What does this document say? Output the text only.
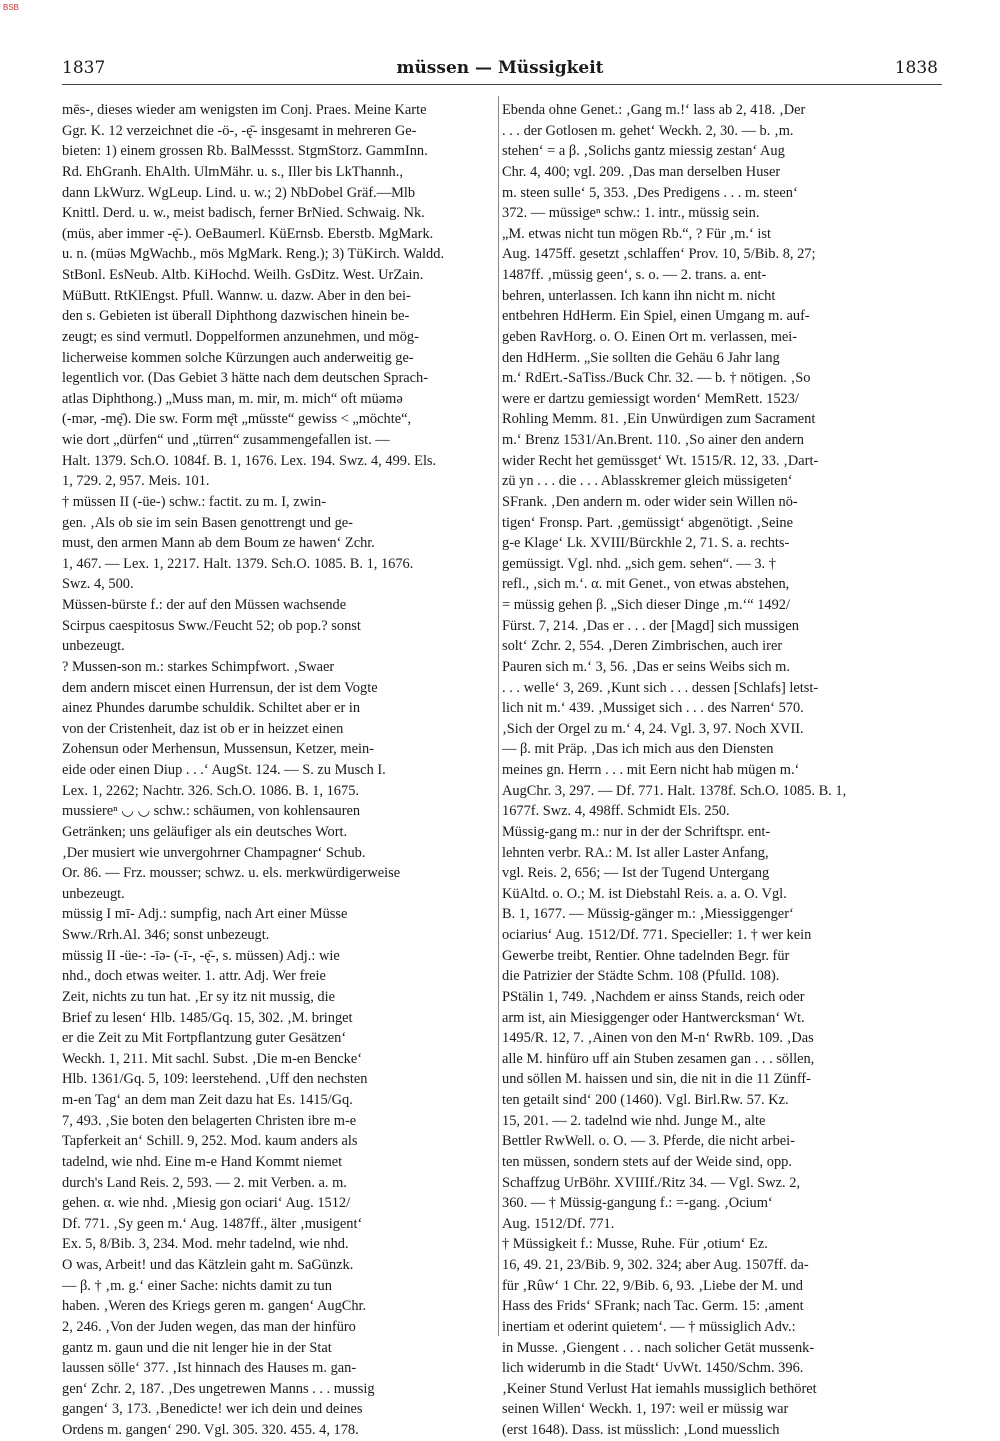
BSB
1837	müssen — Müssigkeit	1838
mēs-, dieses wieder am wenigsten im Conj. Praes. Meine Karte
Ggr. K. 12 verzeichnet die -ö-, -ę̄- insgesamt in mehreren Ge-
bieten: 1) einem grossen Rb. BalMessst. StgmStorz. GammInn.
Rd. EhGranh. EhAlth. UlmMähr. u. s., Iller bis LkThannh.,
dann LkWurz. WgLeup. Lind. u. w.; 2) NbDobel Gräf.—Mlb
Knittl. Derd. u. w., meist badisch, ferner BrNied. Schwaig. Nk.
(müs, aber immer -ę̄-). OeBaumerl. KüErnsb. Eberstb. MgMark.
u. n. (müəs MgWachb., mös MgMark. Reng.); 3) TüKirch. Waldd.
StBonl. EsNeub. Altb. KiHochd. Weilh. GsDitz. West. UrZain.
MüButt. RtKlEngst. Pfull. Wannw. u. dazw. Aber in den bei-
den s. Gebieten ist überall Diphthong dazwischen hinein be-
zeugt; es sind vermutl. Doppelformen anzunehmen, und mög-
licherweise kommen solche Kürzungen auch anderweitig ge-
legentlich vor. (Das Gebiet 3 hätte nach dem deutschen Sprach-
atlas Diphthong.) „Muss man, m. mir, m. mich“ oft müəmə
(-mər, -mę̄). Die sw. Form mę̄t „müsste“ gewiss < „möchte“,
wie dort „dürfen“ und „türren“ zusammengefallen ist. —
Halt. 1379. Sch.O. 1084f. B. 1, 1676. Lex. 194. Swz. 4, 499. Els.
1, 729. 2, 957. Meis. 101.
† müssen II (-üe-) schw.: factit. zu m. I, zwin-
gen. ‚Als ob sie im sein Basen genottrengt und ge-
must, den armen Mann ab dem Boum ze hawen‘ Zchr.
1, 467. — Lex. 1, 2217. Halt. 1379. Sch.O. 1085. B. 1, 1676.
Swz. 4, 500.
Müssen-bürste f.: der auf den Müssen wachsende
Scirpus caespitosus Sww./Feucht 52; ob pop.? sonst
unbezeugt.
? Mussen-son m.: starkes Schimpfwort. ‚Swaer
dem andern miscet einen Hurrensun, der ist dem Vogte
ainez Phundes darumbe schuldik. Schiltet aber er in
von der Cristenheit, daz ist ob er in heizzet einen
Zohensun oder Merhensun, Mussensun, Ketzer, mein-
eide oder einen Diup . . .‘ AugSt. 124. — S. zu Musch I.
Lex. 1, 2262; Nachtr. 326. Sch.O. 1086. B. 1, 1675.
mussiereⁿ ◡ ◡ schw.: schäumen, von kohlensauren
Getränken; uns geläufiger als ein deutsches Wort.
‚Der musiert wie unvergohrner Champagner‘ Schub.
Or. 86. — Frz. mousser; schwz. u. els. merkwürdigerweise
unbezeugt.
müssig I mī- Adj.: sumpfig, nach Art einer Müsse
Sww./Rrh.Al. 346; sonst unbezeugt.
müssig II -üe-: -īə- (-ī-, -ę̄-, s. müssen) Adj.: wie
nhd., doch etwas weiter. 1. attr. Adj. Wer freie
Zeit, nichts zu tun hat. ‚Er sy itz nit mussig, die
Brief zu lesen‘ Hlb. 1485/Gq. 15, 302. ‚M. bringet
er die Zeit zu Mit Fortpflantzung guter Gesätzen‘
Weckh. 1, 211. Mit sachl. Subst. ‚Die m-en Bencke‘
Hlb. 1361/Gq. 5, 109: leerstehend. ‚Uff den nechsten
m-en Tag‘ an dem man Zeit dazu hat Es. 1415/Gq.
7, 493. ‚Sie boten den belagerten Christen ibre m-e
Tapferkeit an‘ Schill. 9, 252. Mod. kaum anders als
tadelnd, wie nhd. Eine m-e Hand Kommt niemet
durch's Land Reis. 2, 593. — 2. mit Verben. a. m.
gehen. α. wie nhd. ‚Miesig gon ociari‘ Aug. 1512/
Df. 771. ‚Sy geen m.‘ Aug. 1487ff., älter ‚musigent‘
Ex. 5, 8/Bib. 3, 234. Mod. mehr tadelnd, wie nhd.
O was, Arbeit! und das Kätzlein gaht m. SaGünzk.
— β. † ‚m. g.‘ einer Sache: nichts damit zu tun
haben. ‚Weren des Kriegs geren m. gangen‘ AugChr.
2, 246. ‚Von der Juden wegen, das man der hinfüro
gantz m. gaun und die nit lenger hie in der Stat
laussen sölle‘ 377. ‚Ist hinnach des Hauses m. gan-
gen‘ Zchr. 2, 187. ‚Des ungetrewen Manns . . . mussig
gangen‘ 3, 173. ‚Benedicte! wer ich dein und deines
Ordens m. gangen‘ 290. Vgl. 305. 320. 455. 4, 178.
Ebenda ohne Genet.: ‚Gang m.!‘ lass ab 2, 418. ‚Der
. . . der Gotlosen m. gehet‘ Weckh. 2, 30. — b. ‚m.
stehen‘ = a β. ‚Solichs gantz miessig zestan‘ Aug
Chr. 4, 400; vgl. 209. ‚Das man derselben Huser
m. steen sulle‘ 5, 353. ‚Des Predigens . . . m. steen‘
372. — müssigeⁿ schw.: 1. intr., müssig sein.
„M. etwas nicht tun mögen Rb.“, ? Für ‚m.‘ ist
Aug. 1475ff. gesetzt ‚schlaffen‘ Prov. 10, 5/Bib. 8, 27;
1487ff. ‚müssig geen‘, s. o. — 2. trans. a. ent-
behren, unterlassen. Ich kann ihn nicht m. nicht
entbehren HdHerm. Ein Spiel, einen Umgang m. auf-
geben RavHorg. o. O. Einen Ort m. verlassen, mei-
den HdHerm. „Sie sollten die Gehäu 6 Jahr lang
m.‘ RdErt.-SaTiss./Buck Chr. 32. — b. † nötigen. ‚So
were er dartzu gemiessigt worden‘ MemRett. 1523/
Rohling Memm. 81. ‚Ein Unwürdigen zum Sacrament
m.‘ Brenz 1531/An.Brent. 110. ‚So ainer den andern
wider Recht het gemüssget‘ Wt. 1515/R. 12, 33. ‚Dart-
zü yn . . . die . . . Ablasskremer gleich müssigeten‘
SFrank. ‚Den andern m. oder wider sein Willen nö-
tigen‘ Fronsp. Part. ‚gemüssigt‘ abgenötigt. ‚Seine
g-e Klage‘ Lk. XVIII/Bürckhle 2, 71. S. a. rechts-
gemüssigt. Vgl. nhd. „sich gem. sehen“. — 3. †
refl., ‚sich m.‘. α. mit Genet., von etwas abstehen,
= müssig gehen β. „Sich dieser Dinge ‚m.‘“ 1492/
Fürst. 7, 214. ‚Das er . . . der [Magd] sich mussigen
solt‘ Zchr. 2, 554. ‚Deren Zimbrischen, auch irer
Pauren sich m.‘ 3, 56. ‚Das er seins Weibs sich m.
. . . welle‘ 3, 269. ‚Kunt sich . . . dessen [Schlafs] letst-
lich nit m.‘ 439. ‚Mussiget sich . . . des Narren‘ 570.
‚Sich der Orgel zu m.‘ 4, 24. Vgl. 3, 97. Noch XVII.
— β. mit Präp. ‚Das ich mich aus den Diensten
meines gn. Herrn . . . mit Eern nicht hab mügen m.‘
AugChr. 3, 297. — Df. 771. Halt. 1378f. Sch.O. 1085. B. 1,
1677f. Swz. 4, 498ff. Schmidt Els. 250.
Müssig-gang m.: nur in der der Schriftspr. ent-
lehnten verbr. RA.: M. Ist aller Laster Anfang,
vgl. Reis. 2, 656; — Ist der Tugend Untergang
KüAltd. o. O.; M. ist Diebstahl Reis. a. a. O. Vgl.
B. 1, 1677. — Müssig-gänger m.: ‚Miessiggenger‘
ociarius‘ Aug. 1512/Df. 771. Specieller: 1. † wer kein
Gewerbe treibt, Rentier. Ohne tadelnden Begr. für
die Patrizier der Städte Schm. 108 (Pfulld. 108).
PStälin 1, 749. ‚Nachdem er ainss Stands, reich oder
arm ist, ain Miesiggenger oder Hantwercksman‘ Wt.
1495/R. 12, 7. ‚Ainen von den M-n‘ RwRb. 109. ‚Das
alle M. hinfüro uff ain Stuben zesamen gan . . . söllen,
und söllen M. haissen und sin, die nit in die 11 Zünff-
ten getailt sind‘ 200 (1460). Vgl. Birl.Rw. 57. Kz.
15, 201. — 2. tadelnd wie nhd. Junge M., alte
Bettler RwWell. o. O. — 3. Pferde, die nicht arbei-
ten müssen, sondern stets auf der Weide sind, opp.
Schaffzug UrBöhr. XVIIIf./Ritz 34. — Vgl. Swz. 2,
360. — † Müssig-gangung f.: =-gang. ‚Ocium‘
Aug. 1512/Df. 771.
† Müssigkeit f.: Musse, Ruhe. Für ‚otium‘ Ez.
16, 49. 21, 23/Bib. 9, 302. 324; aber Aug. 1507ff. da-
für ‚Rûw‘ 1 Chr. 22, 9/Bib. 6, 93. ‚Liebe der M. und
Hass des Frids‘ SFrank; nach Tac. Germ. 15: ‚ament
inertiam et oderint quietem‘. — † müssiglich Adv.:
in Musse. ‚Giengent . . . nach solicher Getät mussenk-
lich widerumb in die Stadt‘ UvWt. 1450/Schm. 396.
‚Keiner Stund Verlust Hat iemahls mussiglich bethöret
seinen Willen‘ Weckh. 1, 197: weil er müssig war
(erst 1648). Dass. ist müsslich: ‚Lond muesslich
